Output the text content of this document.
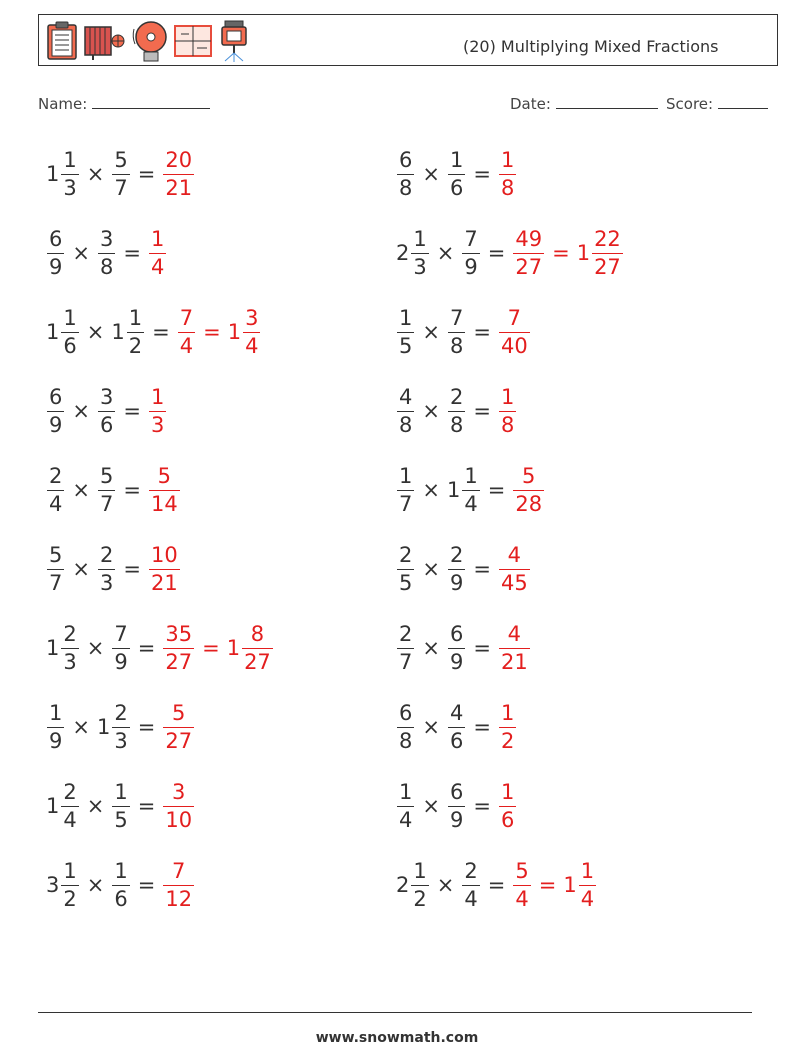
(20) Multiplying Mixed Fractions
Name:	Date:	Score:
$1 \frac{1}{3} \times \frac{5}{7} = \frac{20}{21}$	$\frac{6}{8} \times \frac{1}{6} = \frac{1}{8}$
$\frac{6}{9} \times \frac{3}{8} = \frac{1}{4}$	$2 \frac{1}{3} \times \frac{7}{9} = \frac{49}{27} = 1 \frac{22}{27}$
$1 \frac{1}{6} \times 1 \frac{1}{2} = \frac{7}{4} = 1 \frac{3}{4}$	$\frac{1}{5} \times \frac{7}{8} = \frac{7}{40}$
$\frac{6}{9} \times \frac{3}{6} = \frac{1}{3}$	$\frac{4}{8} \times \frac{2}{8} = \frac{1}{8}$
$\frac{2}{4} \times \frac{5}{7} = \frac{5}{14}$	$\frac{1}{7} \times 1 \frac{1}{4} = \frac{5}{28}$
$\frac{5}{7} \times \frac{2}{3} = \frac{10}{21}$	$\frac{2}{5} \times \frac{2}{9} = \frac{4}{45}$
$1 \frac{2}{3} \times \frac{7}{9} = \frac{35}{27} = 1 \frac{8}{27}$	$\frac{2}{7} \times \frac{6}{9} = \frac{4}{21}$
$\frac{1}{9} \times 1 \frac{2}{3} = \frac{5}{27}$	$\frac{6}{8} \times \frac{4}{6} = \frac{1}{2}$
$1 \frac{2}{4} \times \frac{1}{5} = \frac{3}{10}$	$\frac{1}{4} \times \frac{6}{9} = \frac{1}{6}$
$3 \frac{1}{2} \times \frac{1}{6} = \frac{7}{12}$	$2 \frac{1}{2} \times \frac{2}{4} = \frac{5}{4} = 1 \frac{1}{4}$
www.snowmath.com
